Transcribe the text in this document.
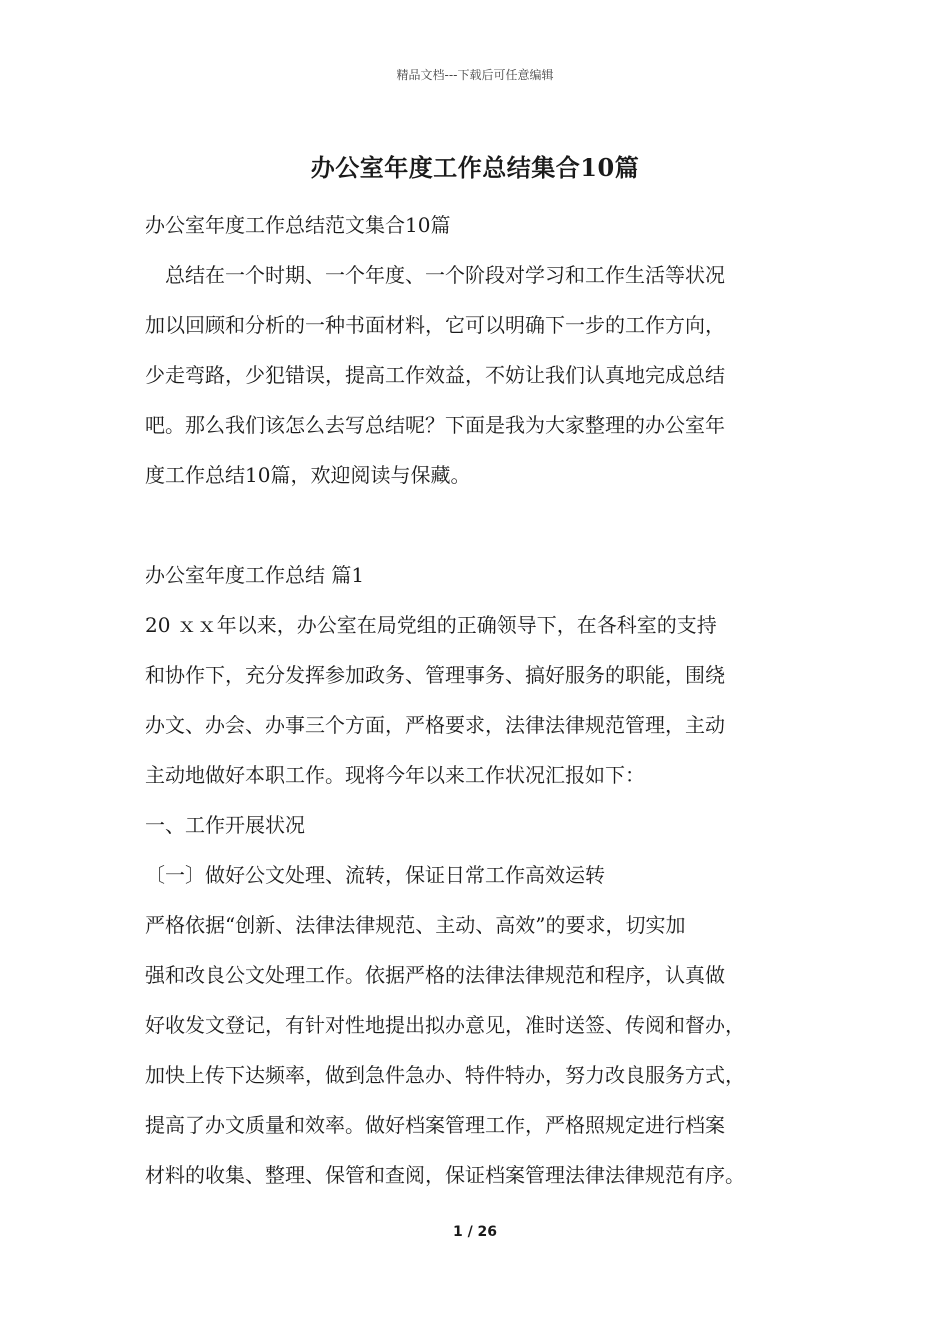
精品文档---下载后可任意编辑
办公室年度工作总结集合10篇
办公室年度工作总结范文集合10篇
　总结在一个时期、一个年度、一个阶段对学习和工作生活等状况
加以回顾和分析的一种书面材料，它可以明确下一步的工作方向，
少走弯路，少犯错误，提高工作效益，不妨让我们认真地完成总结
吧。那么我们该怎么去写总结呢？下面是我为大家整理的办公室年
度工作总结10篇，欢迎阅读与保藏。
办公室年度工作总结 篇1
20 ｘｘ年以来，办公室在局党组的正确领导下，在各科室的支持
和协作下，充分发挥参加政务、管理事务、搞好服务的职能，围绕
办文、办会、办事三个方面，严格要求，法律法律规范管理，主动
主动地做好本职工作。现将今年以来工作状况汇报如下：
一、工作开展状况
〔一〕做好公文处理、流转，保证日常工作高效运转
严格依据“创新、法律法律规范、主动、高效”的要求，切实加
强和改良公文处理工作。依据严格的法律法律规范和程序，认真做
好收发文登记，有针对性地提出拟办意见，准时送签、传阅和督办，
加快上传下达频率，做到急件急办、特件特办，努力改良服务方式，
提高了办文质量和效率。做好档案管理工作，严格照规定进行档案
材料的收集、整理、保管和查阅，保证档案管理法律法律规范有序。
1 / 26
